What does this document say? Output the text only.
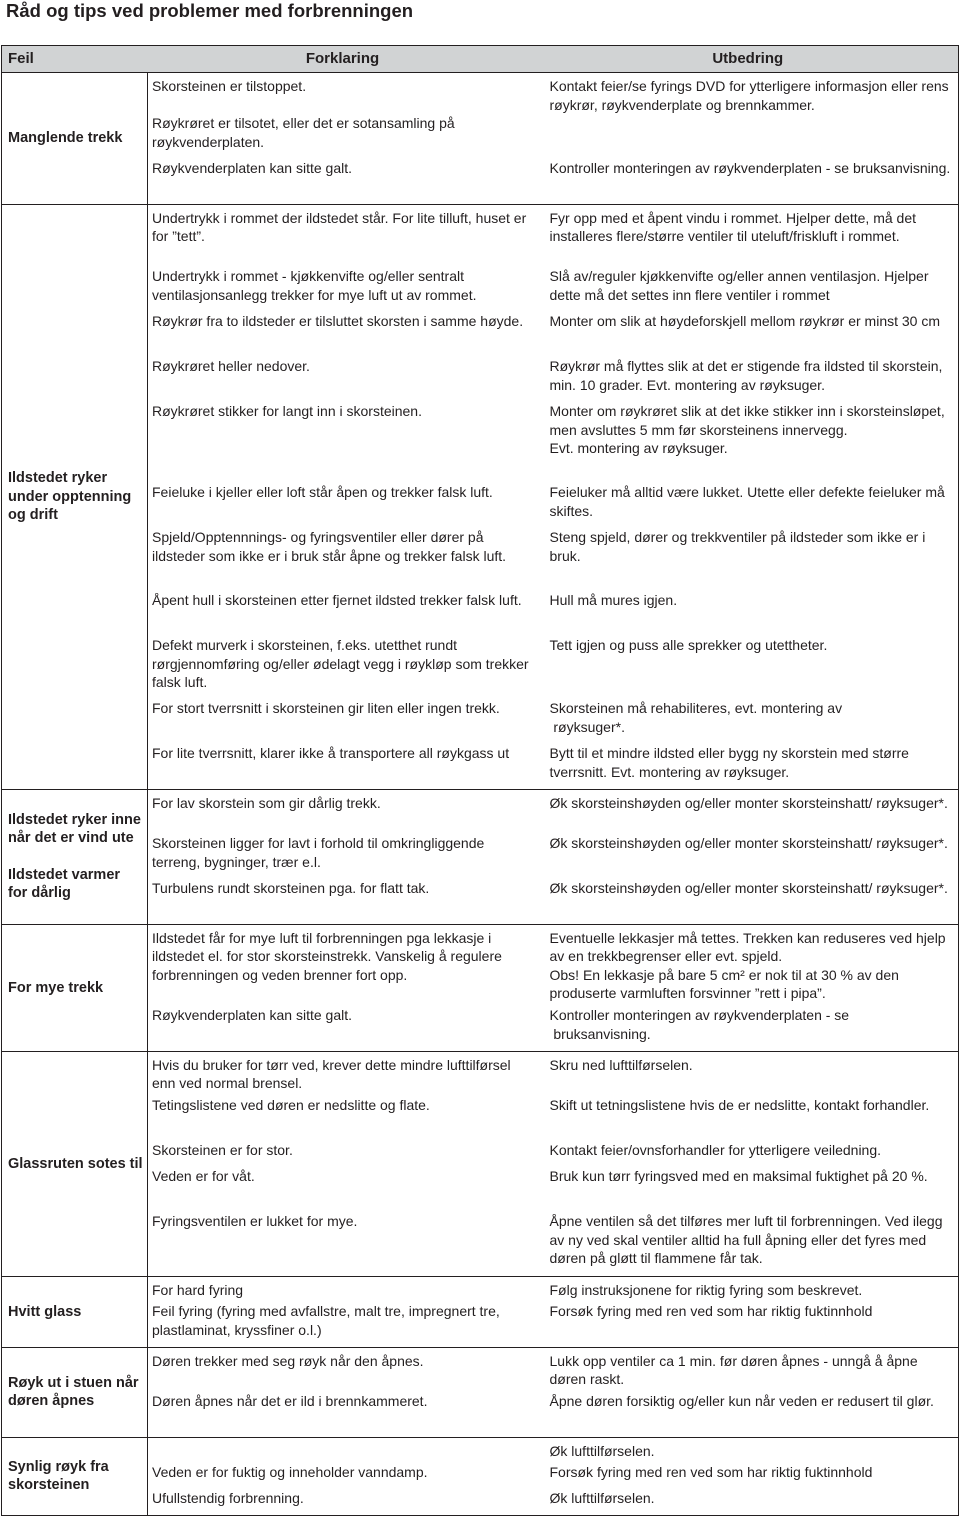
Råd og tips ved problemer med forbrenningen
Feil	Forklaring	Utbedring

Manglende trekk	Skorsteinen er tilstoppet.	Kontakt feier/se fyrings DVD for ytterligere informasjon eller rens røykrør, røykvenderplate og brennkammer.

	Røykrøret er tilsotet, eller det er sotansamling på røykvenderplaten.	

	Røykvenderplaten kan sitte galt.	Kontroller monteringen av røykvenderplaten - se bruksanvisning.

Ildstedet ryker under opptenning og drift	Undertrykk i rommet der ildstedet står. For lite tilluft, huset er for ”tett”.	Fyr opp med et åpent vindu i rommet. Hjelper dette, må det installeres flere/større ventiler til uteluft/friskluft i rommet.

	Undertrykk i rommet - kjøkkenvifte og/eller sentralt ventilasjonsanlegg trekker for mye luft ut av rommet.	Slå av/reguler kjøkkenvifte og/eller annen ventilasjon. Hjelper dette må det settes inn flere ventiler i rommet

	Røykrør fra to ildsteder er tilsluttet skorsten i samme høyde.	Monter om slik at høydeforskjell mellom røykrør er minst 30 cm

	Røykrøret heller nedover.	Røykrør må flyttes slik at det er stigende fra ildsted til skorstein, min. 10 grader. Evt. montering av røyksuger.

	Røykrøret stikker for langt inn i skorsteinen.	Monter om røykrøret slik at det ikke stikker inn i skorsteinsløpet, men avsluttes 5 mm før skorsteinens innervegg.
Evt. montering av røyksuger.

	Feieluke i kjeller eller loft står åpen og trekker falsk luft.	Feieluker må alltid være lukket. Utette eller defekte feieluker må skiftes.

	Spjeld/Opptennnings- og fyringsventiler eller dører på ildsteder som ikke er i bruk står åpne og trekker falsk luft.	Steng spjeld, dører og trekkventiler på ildsteder som ikke er i bruk.

	Åpent hull i skorsteinen etter fjernet ildsted trekker falsk luft.	Hull må mures igjen.

	Defekt murverk i skorsteinen, f.eks. utetthet rundt rørgjennomføring og/eller ødelagt vegg i røykløp som trekker falsk luft.	Tett igjen og puss alle sprekker og utettheter.

	For stort tverrsnitt i skorsteinen gir liten eller ingen trekk.	Skorsteinen må rehabiliteres, evt. montering av
røyksuger*.

	For lite tverrsnitt, klarer ikke å transportere all røykgass ut	Bytt til et mindre ildsted eller bygg ny skorstein med større tverrsnitt. Evt. montering av røyksuger.

Ildstedet ryker inne når det er vind ute
Ildstedet varmer for dårlig	For lav skorstein som gir dårlig trekk.	Øk skorsteinshøyden og/eller monter skorsteinshatt/ røyksuger*.

	Skorsteinen ligger for lavt i forhold til omkringliggende terreng, bygninger, trær e.l.	Øk skorsteinshøyden og/eller monter skorsteinshatt/ røyksuger*.

	Turbulens rundt skorsteinen pga. for flatt tak.	Øk skorsteinshøyden og/eller monter skorsteinshatt/ røyksuger*.

For mye trekk	Ildstedet får for mye luft til forbrenningen pga lekkasje i ildstedet el. for stor skorsteinstrekk. Vanskelig å regulere forbrenningen og veden brenner fort opp.	Eventuelle lekkasjer må tettes. Trekken kan reduseres ved hjelp av en trekkbegrenser eller evt. spjeld.
Obs! En lekkasje på bare 5 cm² er nok til at 30 % av den produserte varmluften forsvinner ”rett i pipa”.

	Røykvenderplaten kan sitte galt.	Kontroller monteringen av røykvenderplaten - se
bruksanvisning.

Glassruten sotes til	Hvis du bruker for tørr ved, krever dette mindre lufttilførsel enn ved normal brensel.	Skru ned lufttilførselen.

	Tetingslistene ved døren er nedslitte og flate.	Skift ut tetningslistene hvis de er nedslitte, kontakt forhandler.

	Skorsteinen er for stor.	Kontakt feier/ovnsforhandler for ytterligere veiledning.

	Veden er for våt.	Bruk kun tørr fyringsved med en maksimal fuktighet på 20 %.

	Fyringsventilen er lukket for mye.	Åpne ventilen så det tilføres mer luft til forbrenningen. Ved ilegg av ny ved skal ventiler alltid ha full åpning eller det fyres med døren på gløtt til flammene får tak.

Hvitt glass	For hard fyring	Følg instruksjonene for riktig fyring som beskrevet.

	Feil fyring (fyring med avfallstre, malt tre, impregnert tre, plastlaminat, kryssfiner o.l.)	Forsøk fyring med ren ved som har riktig fuktinnhold

Røyk ut i stuen når døren åpnes	Døren trekker med seg røyk når den åpnes.	Lukk opp ventiler ca 1 min. før døren åpnes - unngå å åpne døren raskt.

	Døren åpnes når det er ild i brennkammeret.	Åpne døren forsiktig og/eller kun når veden er redusert til glør.

Synlig røyk fra skorsteinen		Øk lufttilførselen.

	Veden er for fuktig og inneholder vanndamp.	Forsøk fyring med ren ved som har riktig fuktinnhold

	Ufullstendig forbrenning.	Øk lufttilførselen.
